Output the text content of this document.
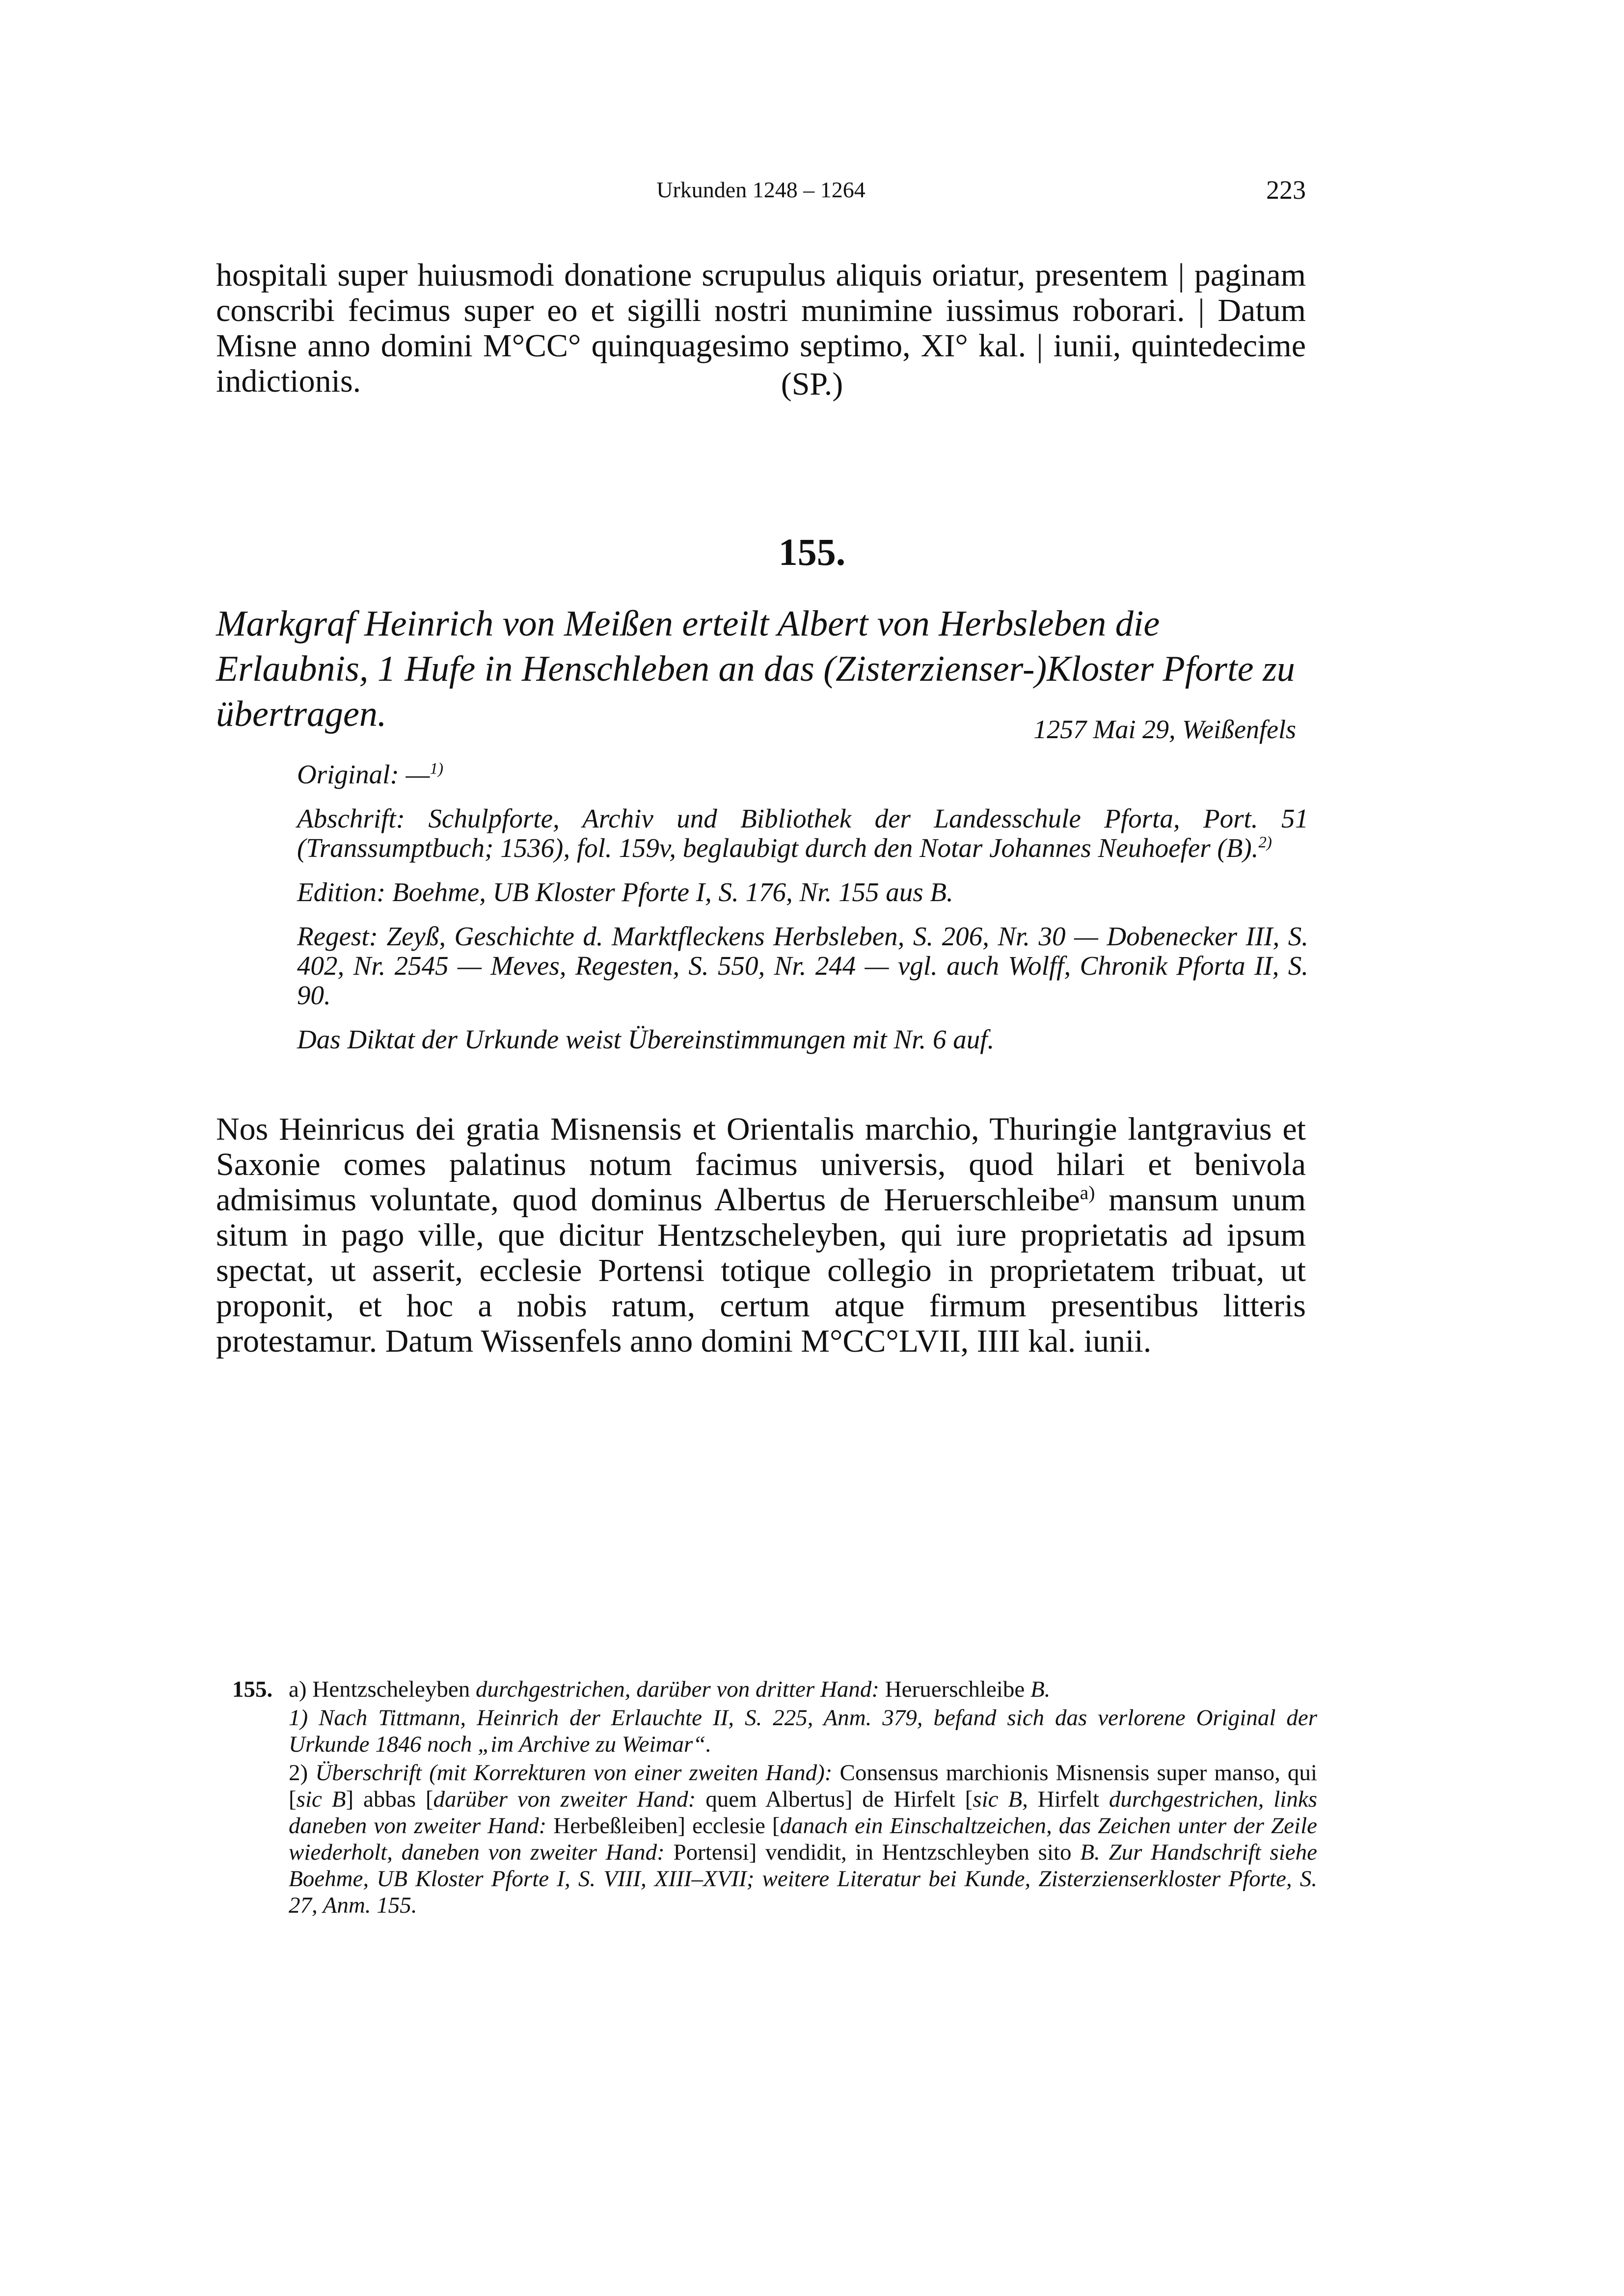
Urkunden 1248 – 1264	223
hospitali super huiusmodi donatione scrupulus aliquis oriatur, presentem | paginam conscribi fecimus super eo et sigilli nostri munimine iussimus roborari. | Datum Misne anno domini M°CC° quinquagesimo septimo, XI° kal. | iunii, quintedecime indictionis.	(SP.)
155.
Markgraf Heinrich von Meißen erteilt Albert von Herbsleben die Erlaubnis, 1 Hufe in Henschleben an das (Zisterzienser-)Kloster Pforte zu übertragen.	1257 Mai 29, Weißenfels

Original: —$^{1)}$

Abschrift: Schulpforte, Archiv und Bibliothek der Landesschule Pforta, Port. 51 (Transsumptbuch; 1536), fol. 159v, beglaubigt durch den Notar Johannes Neuhoefer (B).$^{2)}$

Edition: Boehme, UB Kloster Pforte I, S. 176, Nr. 155 aus B.

Regest: Zeyß, Geschichte d. Marktfleckens Herbsleben, S. 206, Nr. 30 — Dobenecker III, S. 402, Nr. 2545 — Meves, Regesten, S. 550, Nr. 244 — vgl. auch Wolff, Chronik Pforta II, S. 90.

Das Diktat der Urkunde weist Übereinstimmungen mit Nr. 6 auf.

Nos Heinricus dei gratia Misnensis et Orientalis marchio, Thuringie lantgravius et Saxonie comes palatinus notum facimus universis, quod hilari et benivola admisimus voluntate, quod dominus Albertus de Heruerschleibe$^{a)}$ mansum unum situm in pago ville, que dicitur Hentzscheleyben, qui iure proprietatis ad ipsum spectat, ut asserit, ecclesie Portensi totique collegio in proprietatem tribuat, ut proponit, et hoc a nobis ratum, certum atque firmum presentibus litteris protestamur. Datum Wissenfels anno domini M°CC°LVII, IIII kal. iunii.
155. a) Hentzscheleyben durchgestrichen, darüber von dritter Hand: Heruerschleibe B.

1) Nach Tittmann, Heinrich der Erlauchte II, S. 225, Anm. 379, befand sich das verlorene Original der Urkunde 1846 noch „im Archive zu Weimar“.

2) Überschrift (mit Korrekturen von einer zweiten Hand): Consensus marchionis Misnensis super manso, qui [sic B] abbas [darüber von zweiter Hand: quem Albertus] de Hirfelt [sic B, Hirfelt durchgestrichen, links daneben von zweiter Hand: Herbeßleiben] ecclesie [danach ein Einschaltzeichen, das Zeichen unter der Zeile wiederholt, daneben von zweiter Hand: Portensi] vendidit, in Hentzschleyben sito B. Zur Handschrift siehe Boehme, UB Kloster Pforte I, S. VIII, XIII–XVII; weitere Literatur bei Kunde, Zisterzienserkloster Pforte, S. 27, Anm. 155.
